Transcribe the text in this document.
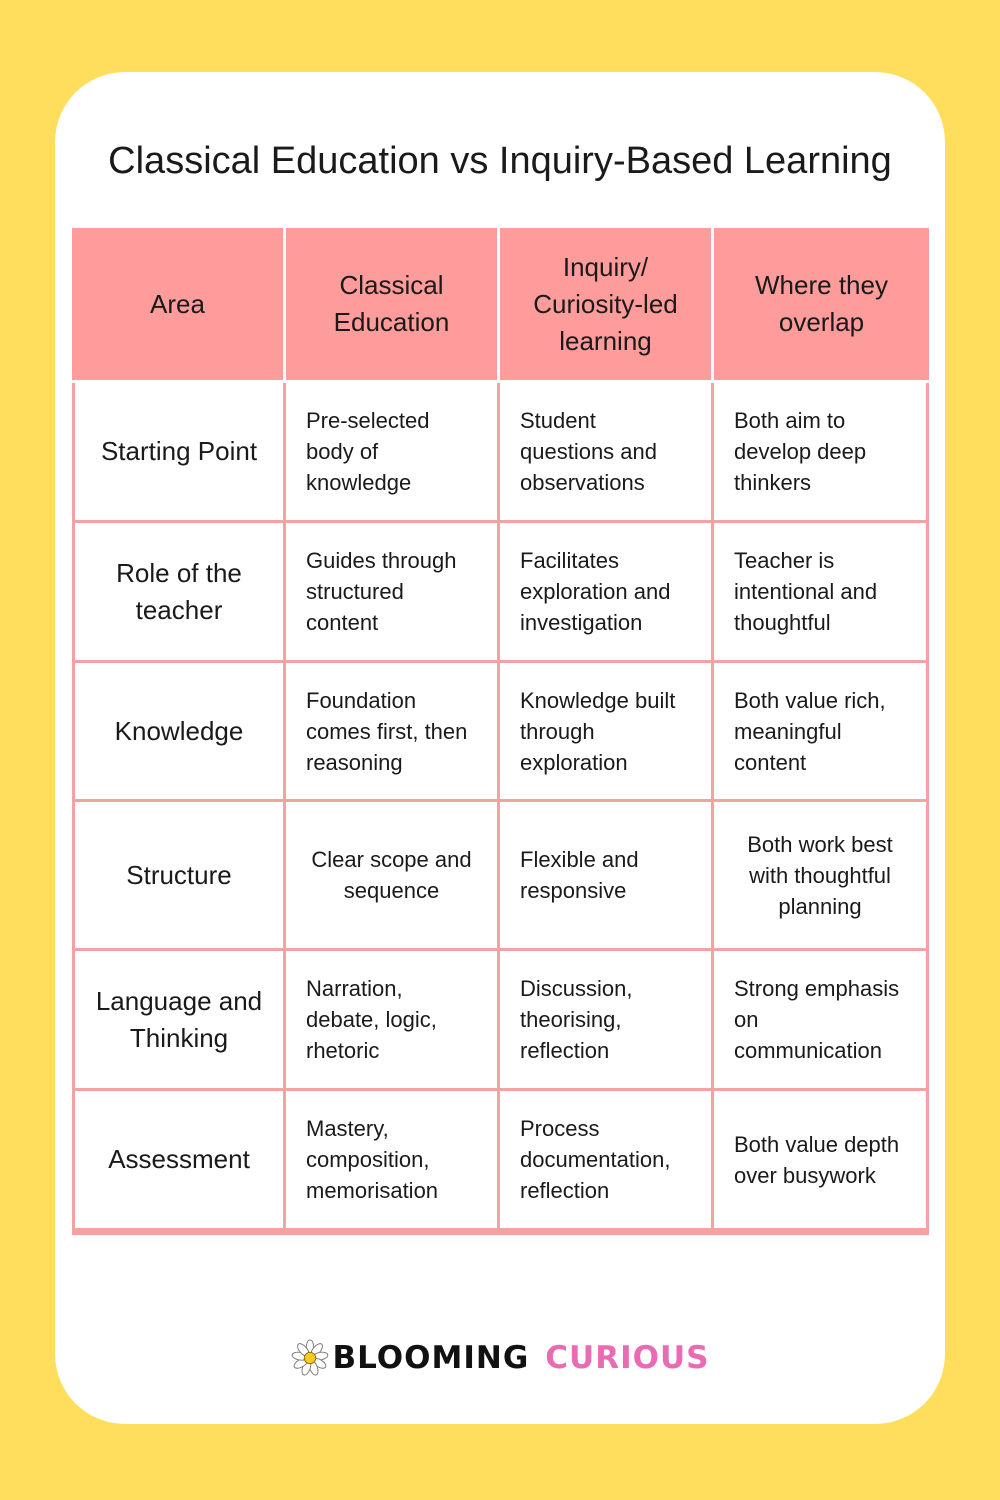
Classical Education vs Inquiry-Based Learning
Area
Classical Education
Inquiry/ Curiosity-led learning
Where they overlap
Starting Point
Pre-selected body of knowledge
Student questions and observations
Both aim to develop deep thinkers
Role of the teacher
Guides through structured content
Facilitates exploration and investigation
Teacher is intentional and thoughtful
Knowledge
Foundation comes first, then reasoning
Knowledge built through exploration
Both value rich, meaningful content
Structure	Clear scope and sequence
Flexible and responsive
Both work best with thoughtful planning
Language and Thinking
Narration, debate, logic, rhetoric
Discussion, theorising, reflection
Strong emphasis on communication
Assessment
Mastery, composition, memorisation
Process documentation, reflection
Both value depth over busywork
BLOOMING CURIOUS
